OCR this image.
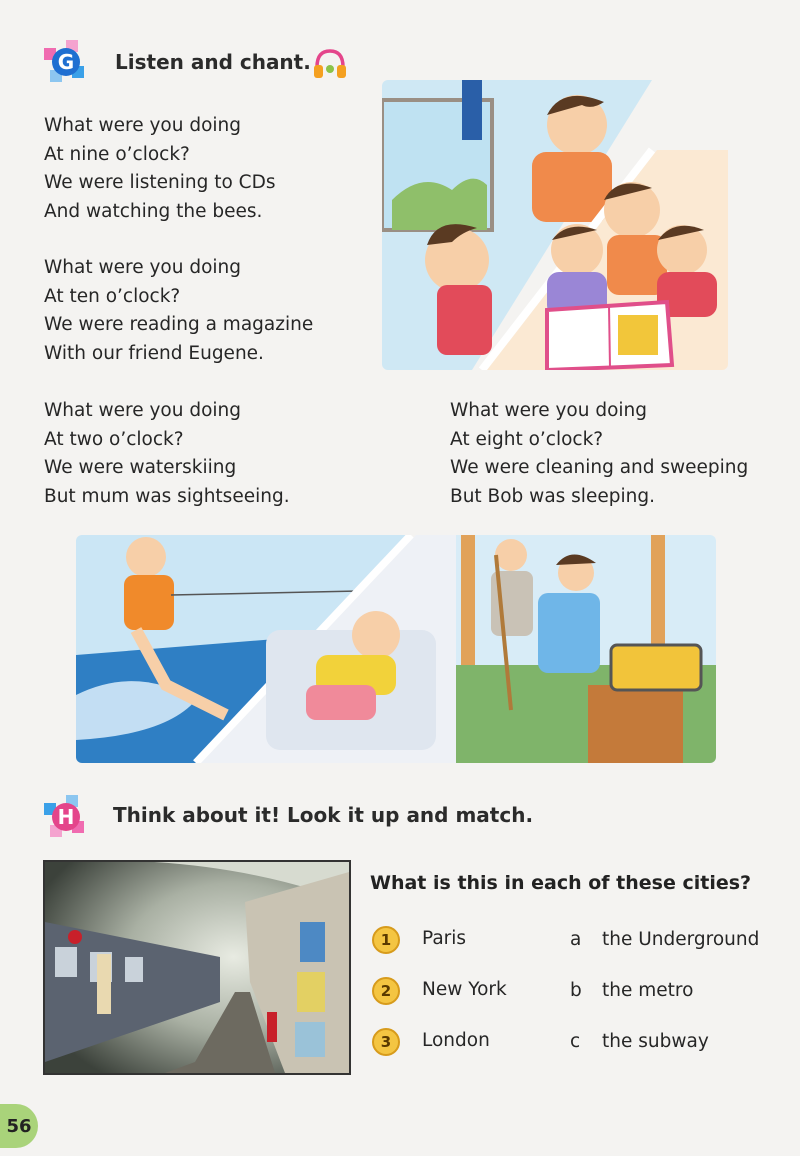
G Listen and chant.
What were you doing
At nine o’clock?
We were listening to CDs
And watching the bees.
What were you doing
At ten o’clock?
We were reading a magazine
With our friend Eugene.
What were you doing
At two o’clock?
We were waterskiing
But mum was sightseeing.
What were you doing
At eight o’clock?
We were cleaning and sweeping
But Bob was sleeping.
H Think about it! Look it up and match.
What is this in each of these cities?
1	Paris	a the Underground
2	New York	b the metro
3	London	c the subway
56
